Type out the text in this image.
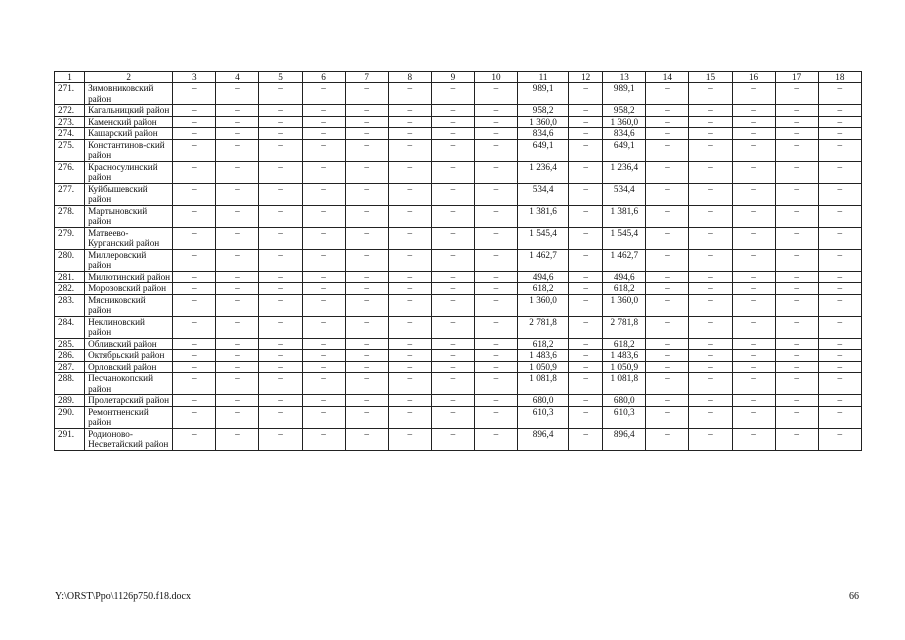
1	2	3	4	5	6	7	8	9	10	11	12	13	14	15	16	17	18
271.	Зимовниковский район	–	–	–	–	–	–	–	–	989,1	–	989,1	–	–	–	–	–
272.	Кагальницкий район	–	–	–	–	–	–	–	–	958,2	–	958,2	–	–	–	–	–
273.	Каменский район	–	–	–	–	–	–	–	–	1 360,0	–	1 360,0	–	–	–	–	–
274.	Кашарский район	–	–	–	–	–	–	–	–	834,6	–	834,6	–	–	–	–	–
275.	Константинов-ский район	–	–	–	–	–	–	–	–	649,1	–	649,1	–	–	–	–	–
276.	Красносулинский район	–	–	–	–	–	–	–	–	1 236,4	–	1 236,4	–	–	–	–	–
277.	Куйбышевский район	–	–	–	–	–	–	–	–	534,4	–	534,4	–	–	–	–	–
278.	Мартыновский район	–	–	–	–	–	–	–	–	1 381,6	–	1 381,6	–	–	–	–	–
279.	Матвеево-Курганский район	–	–	–	–	–	–	–	–	1 545,4	–	1 545,4	–	–	–	–	–
280.	Миллеровский район	–	–	–	–	–	–	–	–	1 462,7	–	1 462,7	–	–	–	–	–
281.	Милютинский район	–	–	–	–	–	–	–	–	494,6	–	494,6	–	–	–	–	–
282.	Морозовский район	–	–	–	–	–	–	–	–	618,2	–	618,2	–	–	–	–	–
283.	Мясниковский район	–	–	–	–	–	–	–	–	1 360,0	–	1 360,0	–	–	–	–	–
284.	Неклиновский район	–	–	–	–	–	–	–	–	2 781,8	–	2 781,8	–	–	–	–	–
285.	Обливский район	–	–	–	–	–	–	–	–	618,2	–	618,2	–	–	–	–	–
286.	Октябрьский район	–	–	–	–	–	–	–	–	1 483,6	–	1 483,6	–	–	–	–	–
287.	Орловский район	–	–	–	–	–	–	–	–	1 050,9	–	1 050,9	–	–	–	–	–
288.	Песчанокопский район	–	–	–	–	–	–	–	–	1 081,8	–	1 081,8	–	–	–	–	–
289.	Пролетарский район	–	–	–	–	–	–	–	–	680,0	–	680,0	–	–	–	–	–
290.	Ремонтненский район	–	–	–	–	–	–	–	–	610,3	–	610,3	–	–	–	–	–
291.	Родионово-Несветайский район	–	–	–	–	–	–	–	–	896,4	–	896,4	–	–	–	–	–
Y:\ORST\Ppo\1126p750.f18.docx	66
